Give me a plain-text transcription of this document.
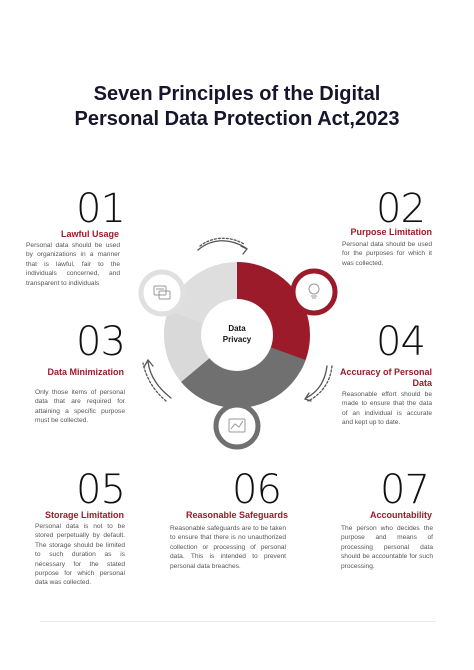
Seven Principles of the Digital
Personal Data Protection Act,2023
Data
Privacy
01
Lawful Usage
Personal data should be used by organizations in a manner that is lawful, fair to the individuals concerned, and transparent to individuals
02
Purpose Limitation
Personal data should be used for the purposes for which it was collected.
03
Data Minimization
Only those items of personal data that are required for attaining a specific purpose must be collected.
04
Accuracy of Personal Data
Reasonable effort should be made to ensure that the data of an individual is accurate and kept up to date.
05
Storage Limitation
Personal data is not to be stored perpetually by default. The storage should be limited to such duration as is necessary for the stated purpose for which personal data was collected.
06
Reasonable Safeguards
Reasonable safeguards are to be taken to ensure that there is no unauthorized collection or processing of personal data. This is intended to prevent personal data breaches.
07
Accountability
The person who decides the purpose and means of processing personal data should be accountable for such processing.
